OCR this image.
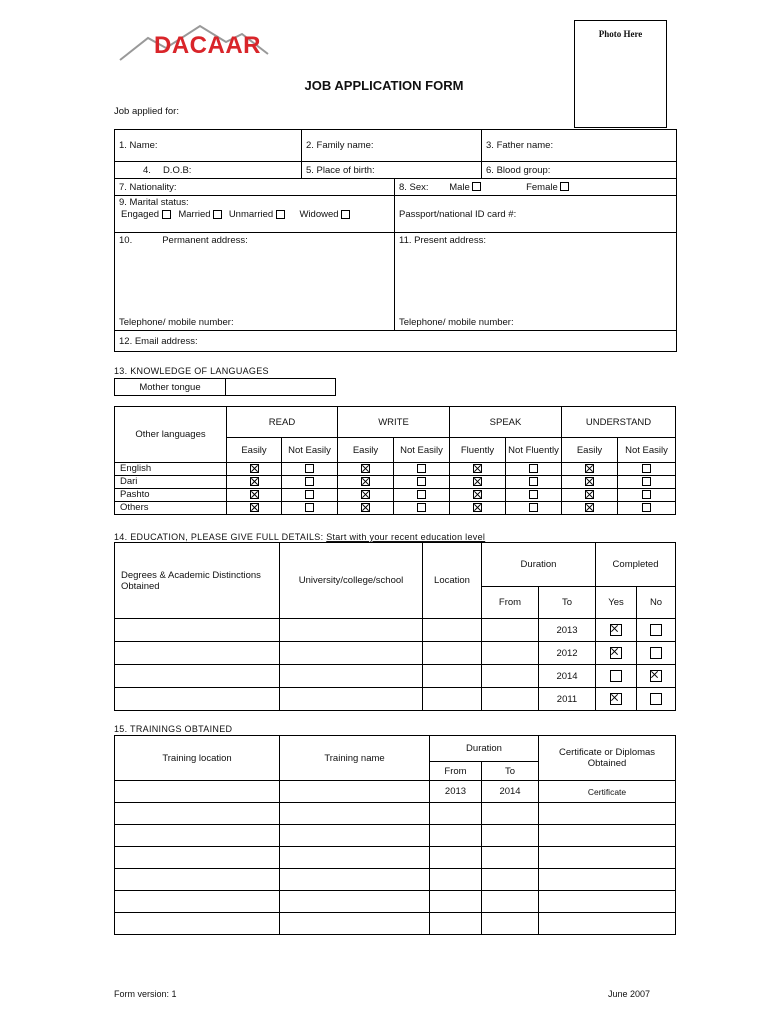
DACAAR	Photo Here
JOB APPLICATION FORM
Job applied for:
1. Name:	2. Family name:		3. Father name:
4. D.O.B:	5. Place of birth:		6. Blood group:
7. Nationality:		8. Sex: Male Female	

9. Marital status:
Engaged Married Unmarried Widowed		Passport/national ID card #:	
10. Permanent address:
Telephone/ mobile number:		11. Present address:
Telephone/ mobile number:	

12. Email address:			
13. KNOWLEDGE OF LANGUAGES
Mother tongue	
Other languages	READ		WRITE		SPEAK		UNDERSTAND	
	Easily	Not Easily	Easily	Not Easily	Fluently	Not Fluently	Easily	Not Easily
English								
Dari								
Pashto								
Others								
14. EDUCATION, PLEASE GIVE FULL DETAILS: Start with your recent education level
Degrees & Academic Distinctions Obtained	University/college/school	Location	Duration		Completed	
			From	To	Yes	No
				2013		
				2012		
				2014		
				2011		
15. TRAININGS OBTAINED
Training location	Training name	Duration		Certificate or Diplomas Obtained
		From	To	
		2013	2014	Certificate

Form version: 1	June 2007
